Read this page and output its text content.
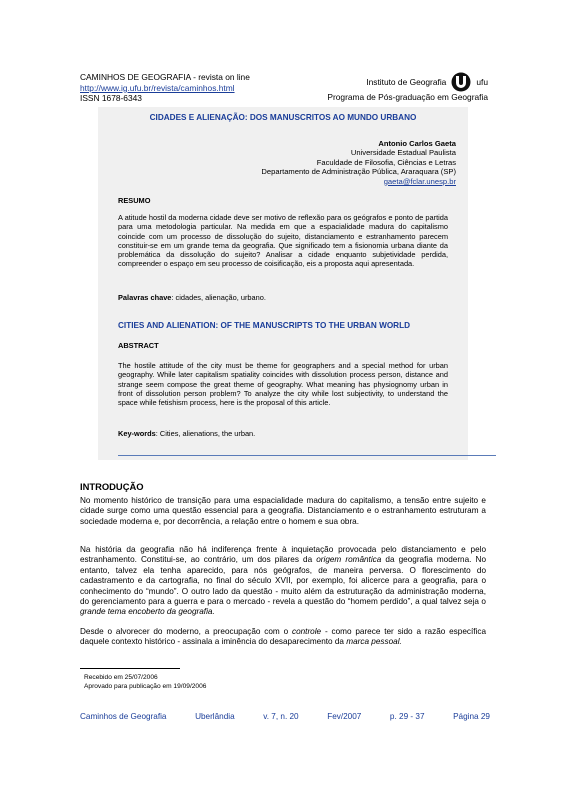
CAMINHOS DE GEOGRAFIA - revista on line
http://www.ig.ufu.br/revista/caminhos.html
ISSN 1678-6343
Instituto de Geografia	ufu
Programa de Pós-graduação em Geografia
CIDADES E ALIENAÇÃO: DOS MANUSCRITOS AO MUNDO URBANO
Antonio Carlos Gaeta
Universidade Estadual Paulista
Faculdade de Filosofia, Ciências e Letras
Departamento de Administração Pública, Araraquara (SP)
gaeta@fclar.unesp.br
RESUMO
A atitude hostil da moderna cidade deve ser motivo de reflexão para os geógrafos e ponto de partida para uma metodologia particular. Na medida em que a espacialidade madura do capitalismo coincide com um processo de dissolução do sujeito, distanciamento e estranhamento parecem constituir-se em um grande tema da geografia. Que significado tem a fisionomia urbana diante da problemática da dissolução do sujeito? Analisar a cidade enquanto subjetividade perdida, compreender o espaço em seu processo de coisificação, eis a proposta aqui apresentada.
Palavras chave: cidades, alienação, urbano.
CITIES AND ALIENATION: OF THE MANUSCRIPTS TO THE URBAN WORLD
ABSTRACT
The hostile attitude of the city must be theme for geographers and a special method for urban geography. While later capitalism spatiality coincides with dissolution process person, distance and strange seem compose the great theme of geography. What meaning has physiognomy urban in front of dissolution person problem? To analyze the city while lost subjectivity, to understand the space while fetishism process, here is the proposal of this article.
Key-words: Cities, alienations, the urban.
INTRODUÇÃO
No momento histórico de transição para uma espacialidade madura do capitalismo, a tensão entre sujeito e cidade surge como uma questão essencial para a geografia. Distanciamento e o estranhamento estruturam a sociedade moderna e, por decorrência, a relação entre o homem e sua obra.
Na história da geografia não há indiferença frente à inquietação provocada pelo distanciamento e pelo estranhamento. Constitui-se, ao contrário, um dos pilares da origem romântica da geografia moderna. No entanto, talvez ela tenha aparecido, para nós geógrafos, de maneira perversa. O florescimento do cadastramento e da cartografia, no final do século XVII, por exemplo, foi alicerce para a geografia, para o conhecimento do “mundo”. O outro lado da questão - muito além da estruturação da administração moderna, do gerenciamento para a guerra e para o mercado - revela a questão do “homem perdido”, a qual talvez seja o grande tema encoberto da geografia.
Desde o alvorecer do moderno, a preocupação com o controle - como parece ter sido a razão específica daquele contexto histórico - assinala a iminência do desaparecimento da marca pessoal.
Recebido em 25/07/2006
Aprovado para publicação em 19/09/2006
Caminhos de Geografia	Uberlândia	v. 7, n. 20	Fev/2007	p. 29 - 37	Página 29
